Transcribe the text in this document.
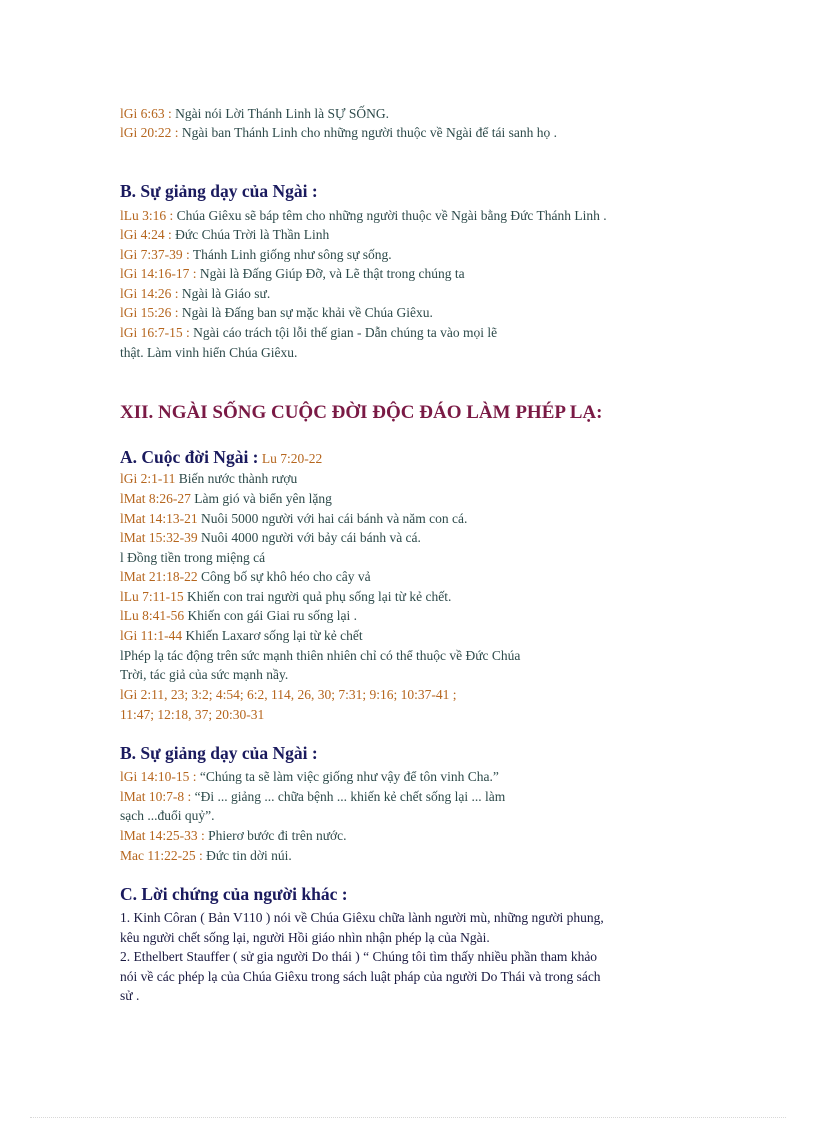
lGi 6:63 : Ngài nói Lời Thánh Linh là SỰ SỐNG.
lGi 20:22 : Ngài ban Thánh Linh cho những người thuộc về Ngài để tái sanh họ .
B. Sự giảng dạy của Ngài :
lLu 3:16 : Chúa Giêxu sẽ báp têm cho những người thuộc về Ngài bằng Đức Thánh Linh .
lGi 4:24 : Đức Chúa Trời là Thần Linh
lGi 7:37-39 : Thánh Linh giống như sông sự sống.
lGi 14:16-17 : Ngài là Đấng Giúp Đỡ, và Lẽ thật trong chúng ta
lGi 14:26 : Ngài là Giáo sư.
lGi 15:26 : Ngài là Đấng ban sự mặc khải về Chúa Giêxu.
lGi 16:7-15 : Ngài cáo trách tội lỗi thế gian - Dẫn chúng ta vào mọi lẽ
thật. Làm vinh hiển Chúa Giêxu.
XII. NGÀI SỐNG CUỘC ĐỜI ĐỘC ĐÁO LÀM PHÉP LẠ:
A. Cuộc đời Ngài : Lu 7:20-22
lGi 2:1-11 Biến nước thành rượu
lMat 8:26-27 Làm gió và biển yên lặng
lMat 14:13-21 Nuôi 5000 người với hai cái bánh và năm con cá.
lMat 15:32-39 Nuôi 4000 người với bảy cái bánh và cá.
l Đồng tiền trong miệng cá
lMat 21:18-22 Công bố sự khô héo cho cây vả
lLu 7:11-15 Khiến con trai người quả phụ sống lại từ kẻ chết.
lLu 8:41-56 Khiến con gái Giai ru sống lại .
lGi 11:1-44 Khiến Laxarơ sống lại từ kẻ chết
lPhép lạ tác động trên sức mạnh thiên nhiên chỉ có thể thuộc về Đức Chúa
Trời, tác giả của sức mạnh nầy.
lGi 2:11, 23; 3:2; 4:54; 6:2, 114, 26, 30; 7:31; 9:16; 10:37-41 ;
11:47; 12:18, 37; 20:30-31
B. Sự giảng dạy của Ngài :
lGi 14:10-15 : “Chúng ta sẽ làm việc giống như vậy để tôn vinh Cha.”
lMat 10:7-8 : “Đi ... giảng ... chữa bệnh ... khiến kẻ chết sống lại ... làm
sạch ...đuổi quỷ”.
lMat 14:25-33 : Phierơ bước đi trên nước.
Mac 11:22-25 : Đức tin dời núi.
C. Lời chứng của người khác :
1. Kinh Côran ( Bản V110 ) nói về Chúa Giêxu chữa lành người mù, những người phung,
kêu người chết sống lại, người Hồi giáo nhìn nhận phép lạ của Ngài.
2. Ethelbert Stauffer ( sử gia người Do thái ) “ Chúng tôi tìm thấy nhiều phần tham khảo
nói về các phép lạ của Chúa Giêxu trong sách luật pháp của người Do Thái và trong sách
sử .
